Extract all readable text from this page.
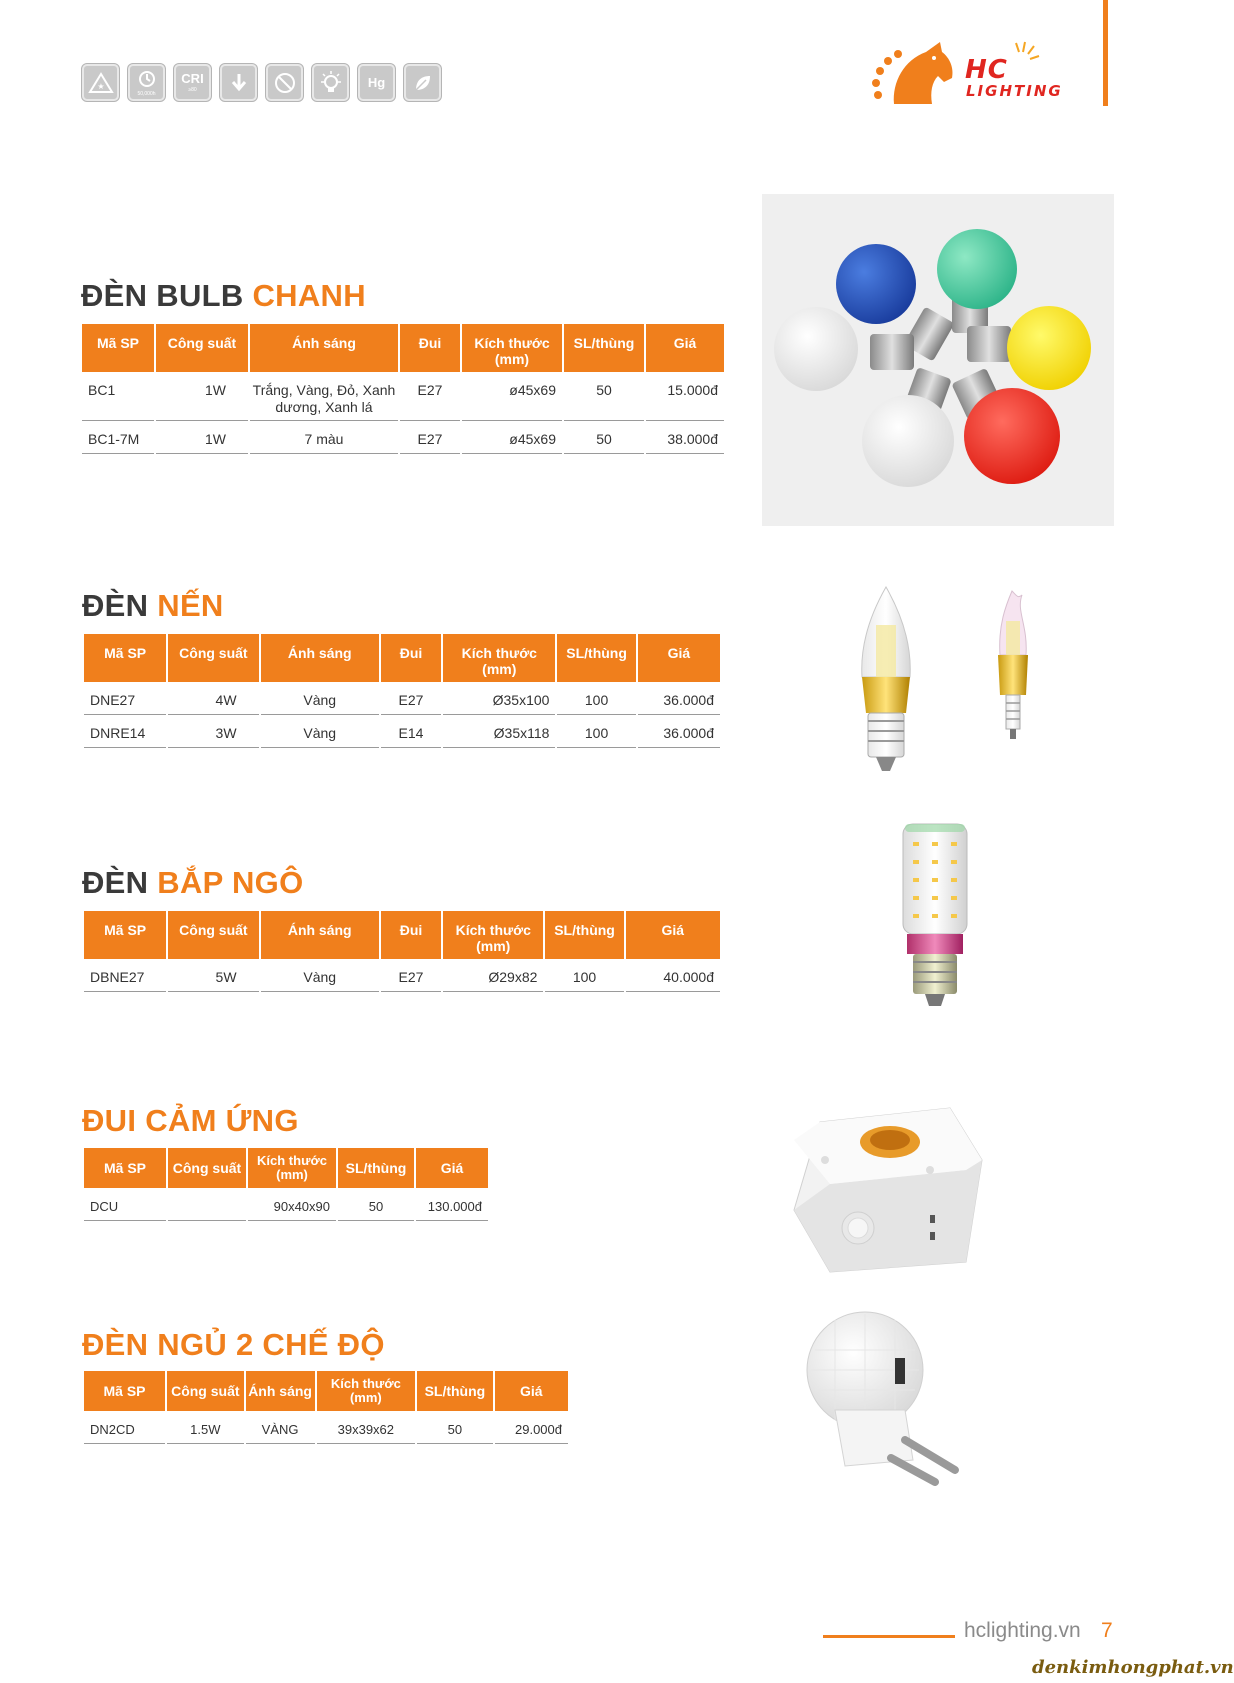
★
50,000h
CRI
≥80	Hg	HC
LIGHTING
ĐÈN BULB CHANH
Mã SP	Công suất	Ánh sáng	Đui	Kích thước (mm)	SL/thùng	Giá
BC1	1W	Trắng, Vàng, Đỏ, Xanh dương, Xanh lá	E27	ø45x69	50	15.000đ
BC1-7M	1W	7 màu	E27	ø45x69	50	38.000đ
ĐÈN NẾN
Mã SP	Công suất	Ánh sáng	Đui	Kích thước (mm)	SL/thùng	Giá
DNE27	4W	Vàng	E27	Ø35x100	100	36.000đ
DNRE14	3W	Vàng	E14	Ø35x118	100	36.000đ
ĐÈN BẮP NGÔ
Mã SP	Công suất	Ánh sáng	Đui	Kích thước (mm)	SL/thùng	Giá
DBNE27	5W	Vàng	E27	Ø29x82	100	40.000đ
ĐUI CẢM ỨNG
Mã SP	Công suất	Kích thước (mm)	SL/thùng	Giá
DCU		90x40x90	50	130.000đ
ĐÈN NGỦ 2 CHẾ ĐỘ
Mã SP	Công suất	Ánh sáng	Kích thước (mm)	SL/thùng	Giá
DN2CD	1.5W	VÀNG	39x39x62	50	29.000đ
hclighting.vn 7
denkimhongphat.vn
